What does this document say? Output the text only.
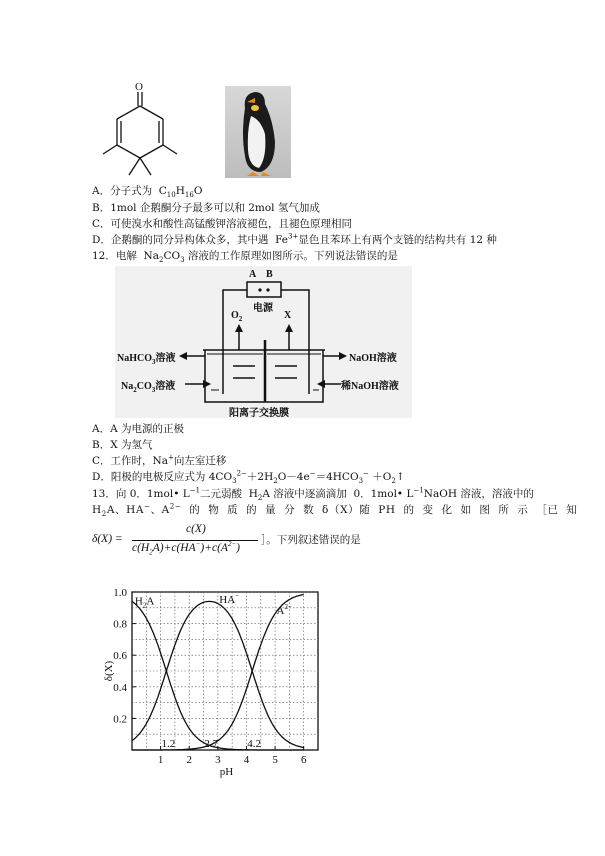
O
A．分子式为  $C_{10}H_{16}O$
B．1mol 企鹅酮分子最多可以和 2mol 氢气加成
C．可使溴水和酸性高锰酸钾溶液褪色，且褪色原理相同
D．企鹅酮的同分异构体众多，其中遇  $Fe^{3+}$显色且苯环上有两个支链的结构共有 12 种
12．电解  $Na_2CO_3$ 溶液的工作原理如图所示。下列说法错误的是
A B
电源
$O_2$	X
NaHCO$_3$溶液
$Na_2CO_3$溶液
NaOH溶液
稀NaOH溶液
阳离子交换膜
A．A 为电源的正极
B．X 为氢气
C．工作时，Na+向左室迁移
D．阳极的电极反应式为 $4CO_3^{2-}+2H_2O-4e^-=4HCO_3^-$ $+O_2↑$
13．向 0．1mol• $L^{-1}$二元弱酸  $H_2A$ 溶液中逐滴滴加  0．1mol• $L^{-1}NaOH$ 溶液，溶液中的
$H_2A$、HA−、$A^{2-}$  的  物  质  的  量  分  数  δ（X）随  PH  的  变  化  如  图  所  示  ［已  知
δ(X) =
c(X)
$c(H_2A)+c(HA^-)+c(A^{2-})$
］。下列叙述错误的是
0.2
0.4
0.6
0.8
1.0
1 2 3 4 5 6
pH
δ(X)
$H_2A$	HA−
$A^{2-}$
1.2	2.7	4.2
